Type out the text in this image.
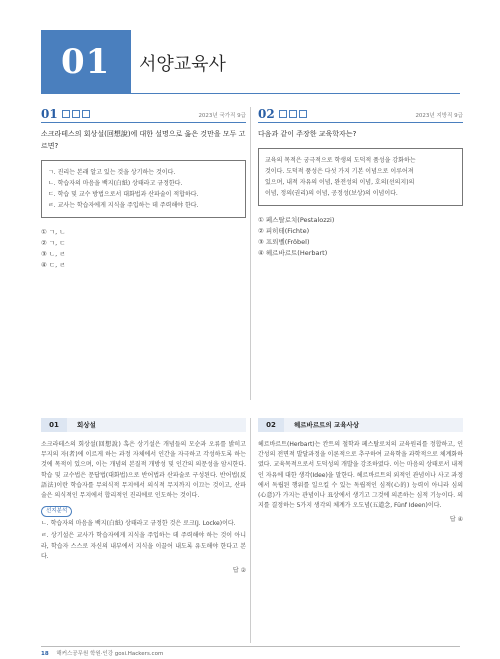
01 서양교육사
01	2023년 국가직 9급
소크라테스의 회상설(回想說)에 대한 설명으로 옳은 것만을 모두 고르면?
ㄱ. 진리는 본래 알고 있는 것을 상기하는 것이다.
ㄴ. 학습자의 마음을 백지(白紙) 상태라고 규정한다.
ㄷ. 학습 및 교수 방법으로서 대화법과 산파술이 적합하다.
ㄹ. 교사는 학습자에게 지식을 주입하는 데 주력해야 한다.
① ㄱ, ㄴ
② ㄱ, ㄷ
③ ㄴ, ㄹ
④ ㄷ, ㄹ
02	2023년 지방직 9급
다음과 같이 주장한 교육학자는?
교육의 목적은 궁극적으로 학생의 도덕적 품성을 강화하는
것이다. 도덕적 품성은 다섯 가지 기본 이념으로 이루어져
있으며, 내적 자유의 이념, 완전성의 이념, 호의(선의지)의
이념, 정의(권리)의 이념, 공정성(보상)의 이념이다.
① 페스탈로치(Pestalozzi)
② 피히테(Fichte)
③ 프뢰벨(Fröbel)
④ 헤르바르트(Herbart)
01	회상설	02	헤르바르트의 교육사상
소크라테스의 회상설(回想說) 혹은 상기설은 개념들의 모순과 오류를 밝히고 무지의 자(者)에 이르게 하는 과정 자체에서 인간을 자극하고 각성하도록 하는 것에 목적이 있으며, 이는 개념의 본질적 개방성 및 인간의 의문성을 암시한다. 학습 및 교수법은 문답법(대화법)으로 반어법과 산파술로 구성된다. 반어법(反語法)이란 학습자를 무의식적 무지에서 의식적 무지까지 이끄는 것이고, 산파술은 의식적인 무지에서 합리적인 진리에로 인도하는 것이다.
선지분석
ㄴ. 학습자의 마음을 백지(白紙) 상태라고 규정한 것은 로크(J. Locke)이다.
ㄹ. 상기설은 교사가 학습자에게 지식을 주입하는 데 주력해야 하는 것이 아니라, 학습자 스스로 자신의 내부에서 지식을 이끌어 내도록 유도해야 한다고 본다.
답 ②
헤르바르트(Herbart)는 칸트의 철학과 페스탈로치의 교육원리를 정합하고, 인간성의 전면적 발달과정을 이론적으로 추구하여 교육학을 과학적으로 체계화하였다. 교육목적으로서 도덕성의 개발을 강조하였다. 이는 마음의 상태로서 내적인 자유에 대한 생각(Idee)을 말한다. 헤르바르트의 외적인 관념이나 사고 과정에서 독립된 행위를 일으킬 수 있는 독립적인 심적(心的) 능력이 아니라 심의(心意)가 가지는 관념이나 표상에서 생기고 그것에 의존하는 심적 기능이다. 의지를 결정하는 5가지 생각의 체계가 오도념(五道念, Fünf Ideen)이다.
답 ④
18 해커스공무원 학원·인강 gosi.Hackers.com
